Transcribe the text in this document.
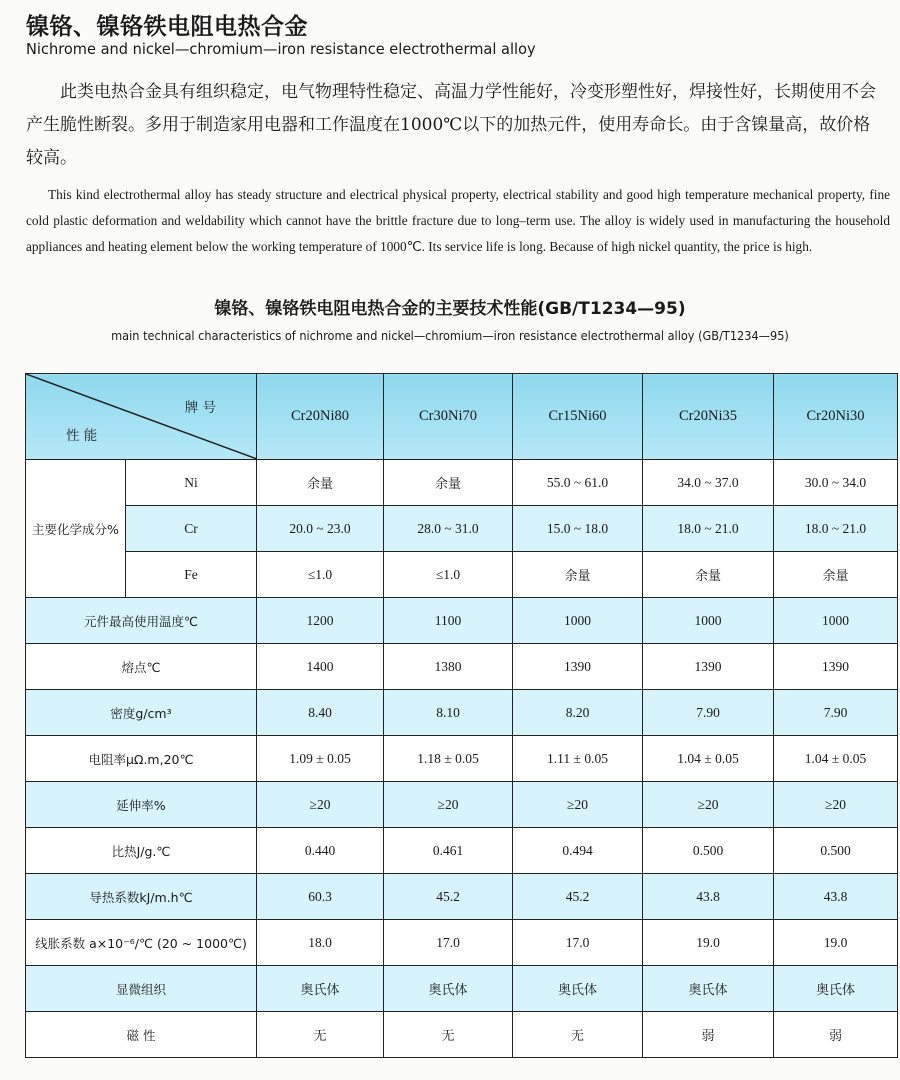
镍铬、镍铬铁电阻电热合金
Nichrome and nickel—chromium—iron resistance electrothermal alloy
此类电热合金具有组织稳定，电气物理特性稳定、高温力学性能好，冷变形塑性好，焊接性好，长期使用不会产生脆性断裂。多用于制造家用电器和工作温度在1000℃以下的加热元件，使用寿命长。由于含镍量高，故价格较高。
This kind electrothermal alloy has steady structure and electrical physical property, electrical stability and good high temperature mechanical property, fine cold plastic deformation and weldability which cannot have the brittle fracture due to long–term use. The alloy is widely used in manufacturing the household appliances and heating element below the working temperature of 1000℃. Its service life is long. Because of high nickel quantity, the price is high.
镍铬、镍铬铁电阻电热合金的主要技术性能(GB/T1234—95)
main technical characteristics of nichrome and nickel—chromium—iron resistance electrothermal alloy (GB/T1234—95)
牌 号
性 能		Cr20Ni80	Cr30Ni70	Cr15Ni60	Cr20Ni35	Cr20Ni30
主要化学成分%	Ni	余量	余量	55.0 ~ 61.0	34.0 ~ 37.0	30.0 ~ 34.0
	Cr	20.0 ~ 23.0	28.0 ~ 31.0	15.0 ~ 18.0	18.0 ~ 21.0	18.0 ~ 21.0
	Fe	≤1.0	≤1.0	余量	余量	余量
元件最高使用温度℃		1200	1100	1000	1000	1000
熔点℃		1400	1380	1390	1390	1390
密度g/cm³		8.40	8.10	8.20	7.90	7.90
电阻率μΩ.m,20℃		1.09 ± 0.05	1.18 ± 0.05	1.11 ± 0.05	1.04 ± 0.05	1.04 ± 0.05
延伸率%		≥20	≥20	≥20	≥20	≥20
比热J/g.℃		0.440	0.461	0.494	0.500	0.500
导热系数kJ/m.h℃		60.3	45.2	45.2	43.8	43.8
线胀系数 a×10⁻⁶/℃ (20 ~ 1000℃)		18.0	17.0	17.0	19.0	19.0
显微组织		奥氏体	奥氏体	奥氏体	奥氏体	奥氏体
磁 性		无	无	无	弱	弱
